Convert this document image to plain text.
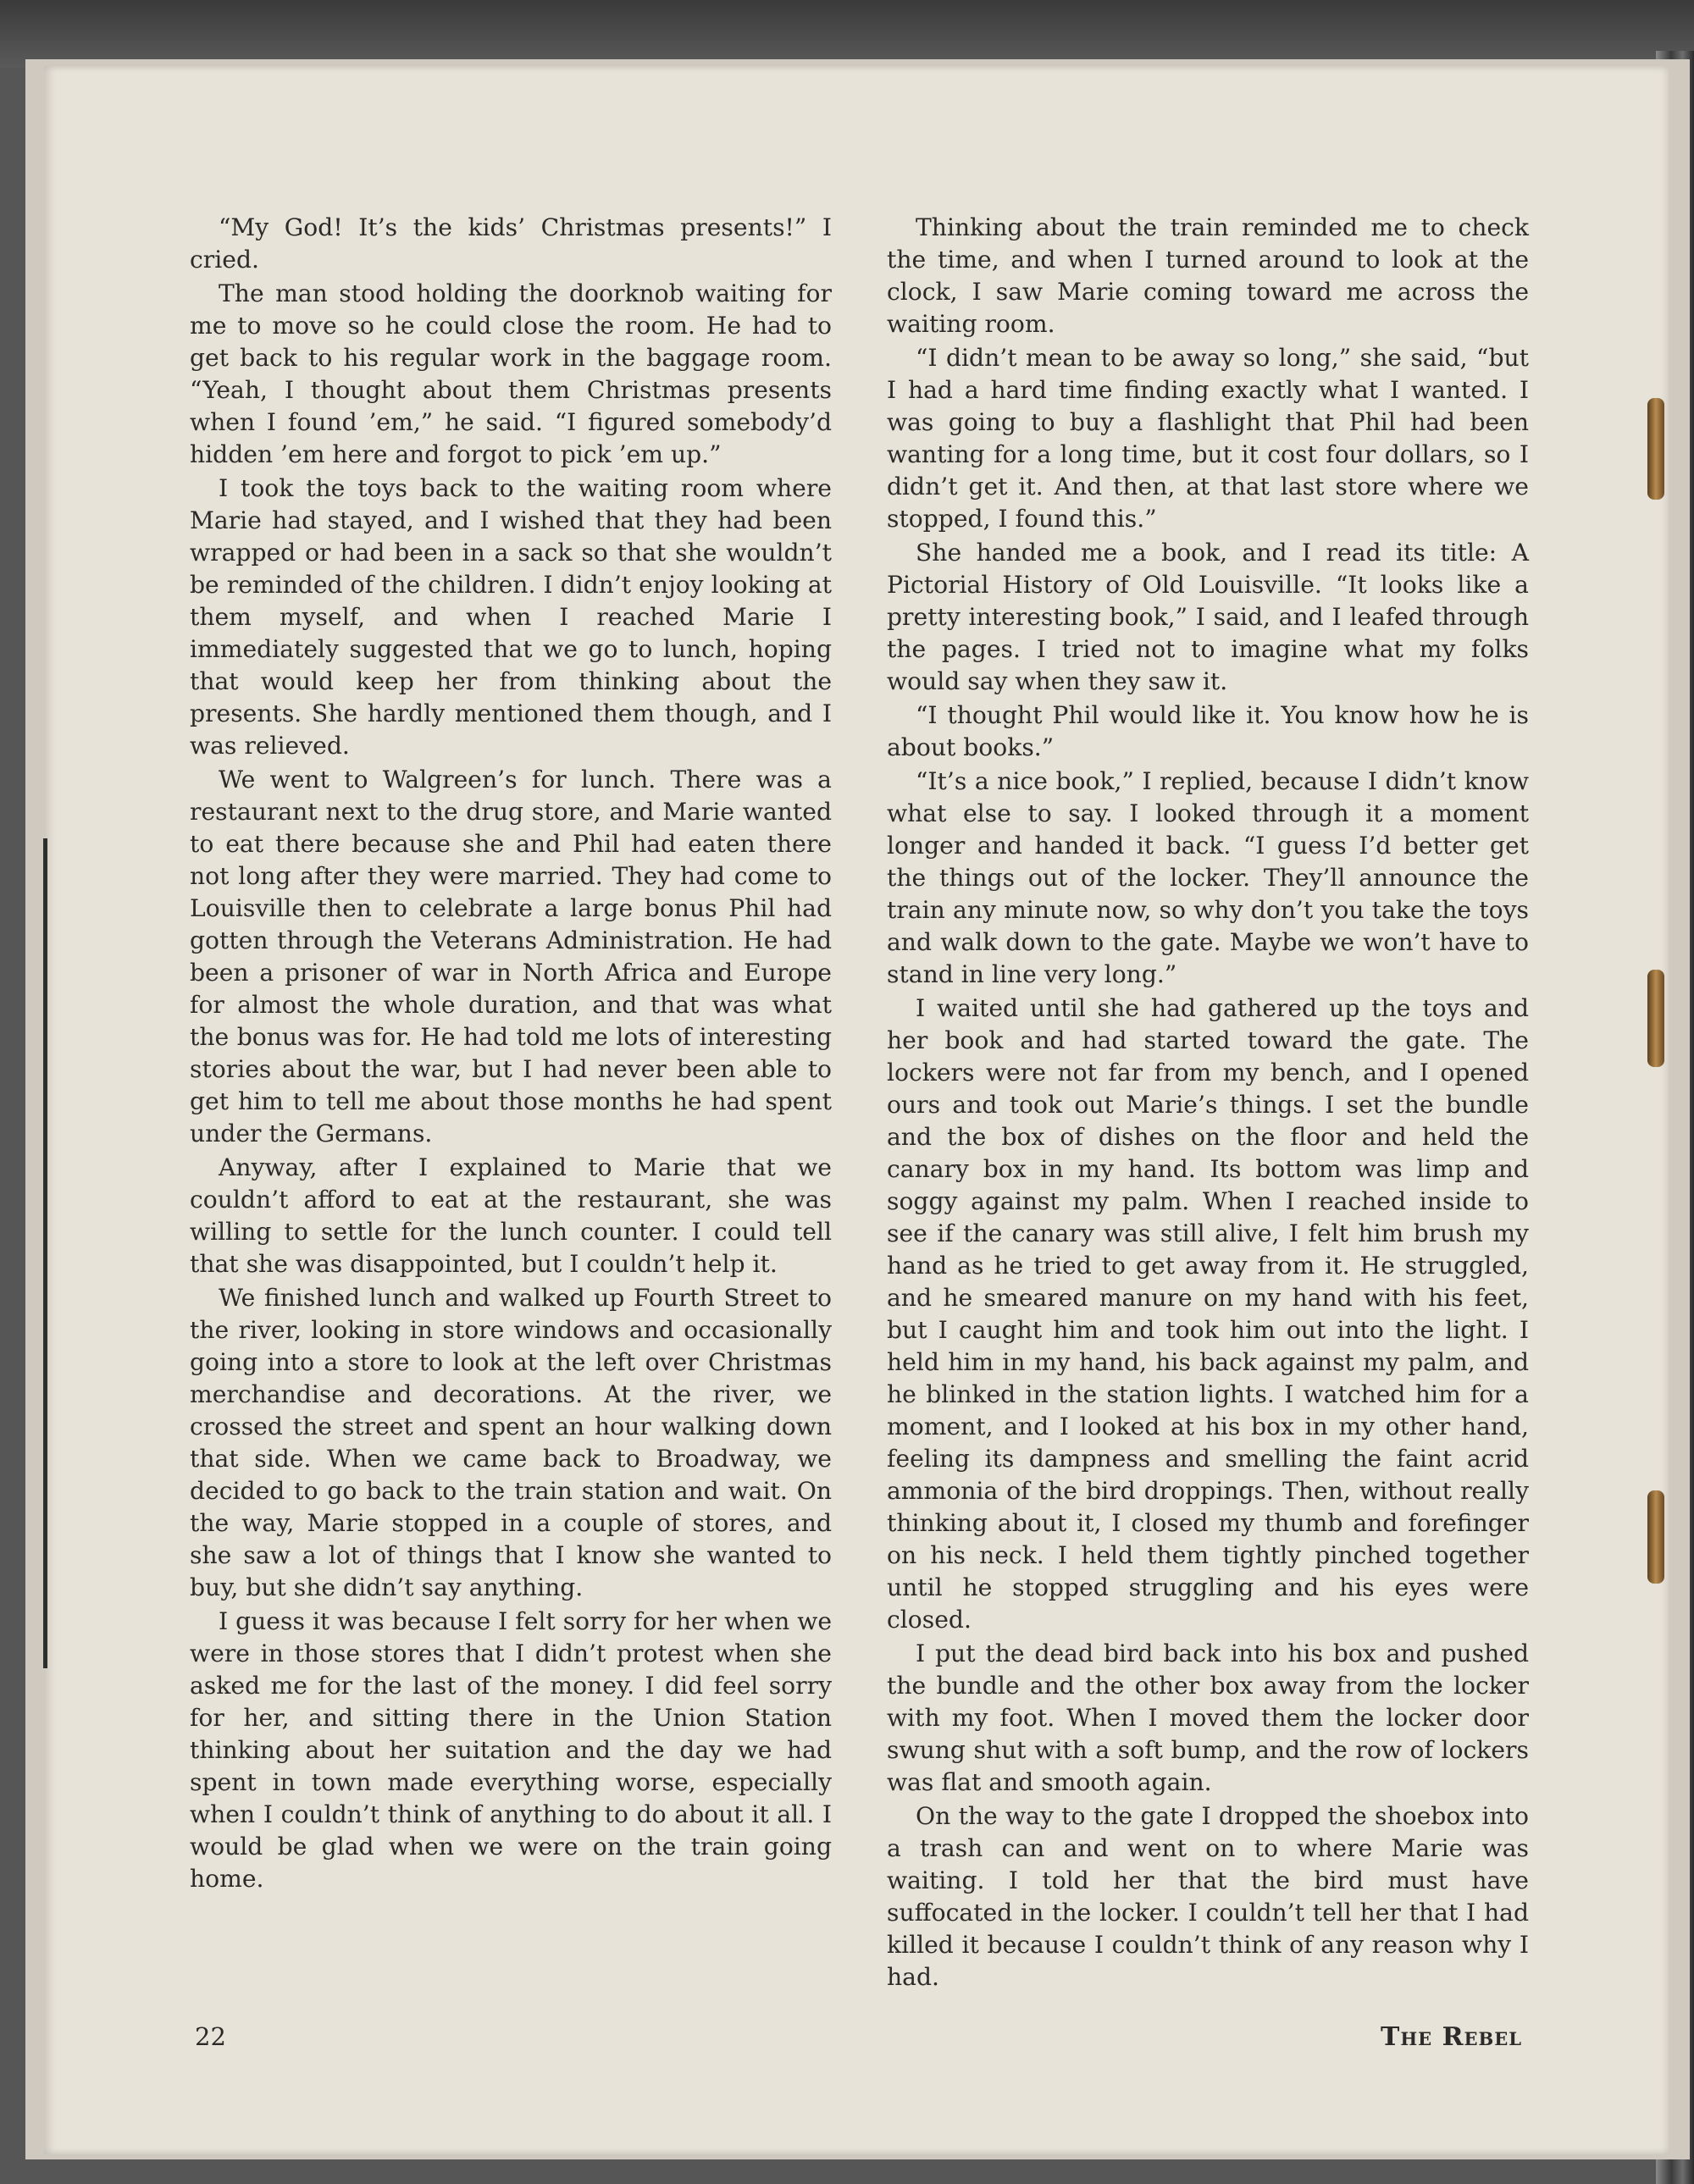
“My God! It’s the kids’ Christmas presents!” I cried.

The man stood holding the doorknob waiting for me to move so he could close the room. He had to get back to his regular work in the baggage room. “Yeah, I thought about them Christmas presents when I found ’em,” he said. “I figured somebody’d hidden ’em here and forgot to pick ’em up.”

I took the toys back to the waiting room where Marie had stayed, and I wished that they had been wrapped or had been in a sack so that she wouldn’t be reminded of the children. I didn’t enjoy looking at them myself, and when I reached Marie I immediately suggested that we go to lunch, hoping that would keep her from thinking about the presents. She hardly mentioned them though, and I was relieved.

We went to Walgreen’s for lunch. There was a restaurant next to the drug store, and Marie wanted to eat there because she and Phil had eaten there not long after they were married. They had come to Louisville then to celebrate a large bonus Phil had gotten through the Veterans Administration. He had been a prisoner of war in North Africa and Europe for almost the whole duration, and that was what the bonus was for. He had told me lots of interesting stories about the war, but I had never been able to get him to tell me about those months he had spent under the Germans.

Anyway, after I explained to Marie that we couldn’t afford to eat at the restaurant, she was willing to settle for the lunch counter. I could tell that she was disappointed, but I couldn’t help it.

We finished lunch and walked up Fourth Street to the river, looking in store windows and occasionally going into a store to look at the left over Christmas merchandise and decorations. At the river, we crossed the street and spent an hour walking down that side. When we came back to Broadway, we decided to go back to the train station and wait. On the way, Marie stopped in a couple of stores, and she saw a lot of things that I know she wanted to buy, but she didn’t say anything.

I guess it was because I felt sorry for her when we were in those stores that I didn’t protest when she asked me for the last of the money. I did feel sorry for her, and sitting there in the Union Station thinking about her suitation and the day we had spent in town made everything worse, especially when I couldn’t think of anything to do about it all. I would be glad when we were on the train going home.

Thinking about the train reminded me to check the time, and when I turned around to look at the clock, I saw Marie coming toward me across the waiting room.

“I didn’t mean to be away so long,” she said, “but I had a hard time finding exactly what I wanted. I was going to buy a flashlight that Phil had been wanting for a long time, but it cost four dollars, so I didn’t get it. And then, at that last store where we stopped, I found this.”

She handed me a book, and I read its title: A Pictorial History of Old Louisville. “It looks like a pretty interesting book,” I said, and I leafed through the pages. I tried not to imagine what my folks would say when they saw it.

“I thought Phil would like it. You know how he is about books.”

“It’s a nice book,” I replied, because I didn’t know what else to say. I looked through it a moment longer and handed it back. “I guess I’d better get the things out of the locker. They’ll announce the train any minute now, so why don’t you take the toys and walk down to the gate. Maybe we won’t have to stand in line very long.”

I waited until she had gathered up the toys and her book and had started toward the gate. The lockers were not far from my bench, and I opened ours and took out Marie’s things. I set the bundle and the box of dishes on the floor and held the canary box in my hand. Its bottom was limp and soggy against my palm. When I reached inside to see if the canary was still alive, I felt him brush my hand as he tried to get away from it. He struggled, and he smeared manure on my hand with his feet, but I caught him and took him out into the light. I held him in my hand, his back against my palm, and he blinked in the station lights. I watched him for a moment, and I looked at his box in my other hand, feeling its dampness and smelling the faint acrid ammonia of the bird droppings. Then, without really thinking about it, I closed my thumb and forefinger on his neck. I held them tightly pinched together until he stopped struggling and his eyes were closed.

I put the dead bird back into his box and pushed the bundle and the other box away from the locker with my foot. When I moved them the locker door swung shut with a soft bump, and the row of lockers was flat and smooth again.

On the way to the gate I dropped the shoebox into a trash can and went on to where Marie was waiting. I told her that the bird must have suffocated in the locker. I couldn’t tell her that I had killed it because I couldn’t think of any reason why I had.

22	The Rebel
